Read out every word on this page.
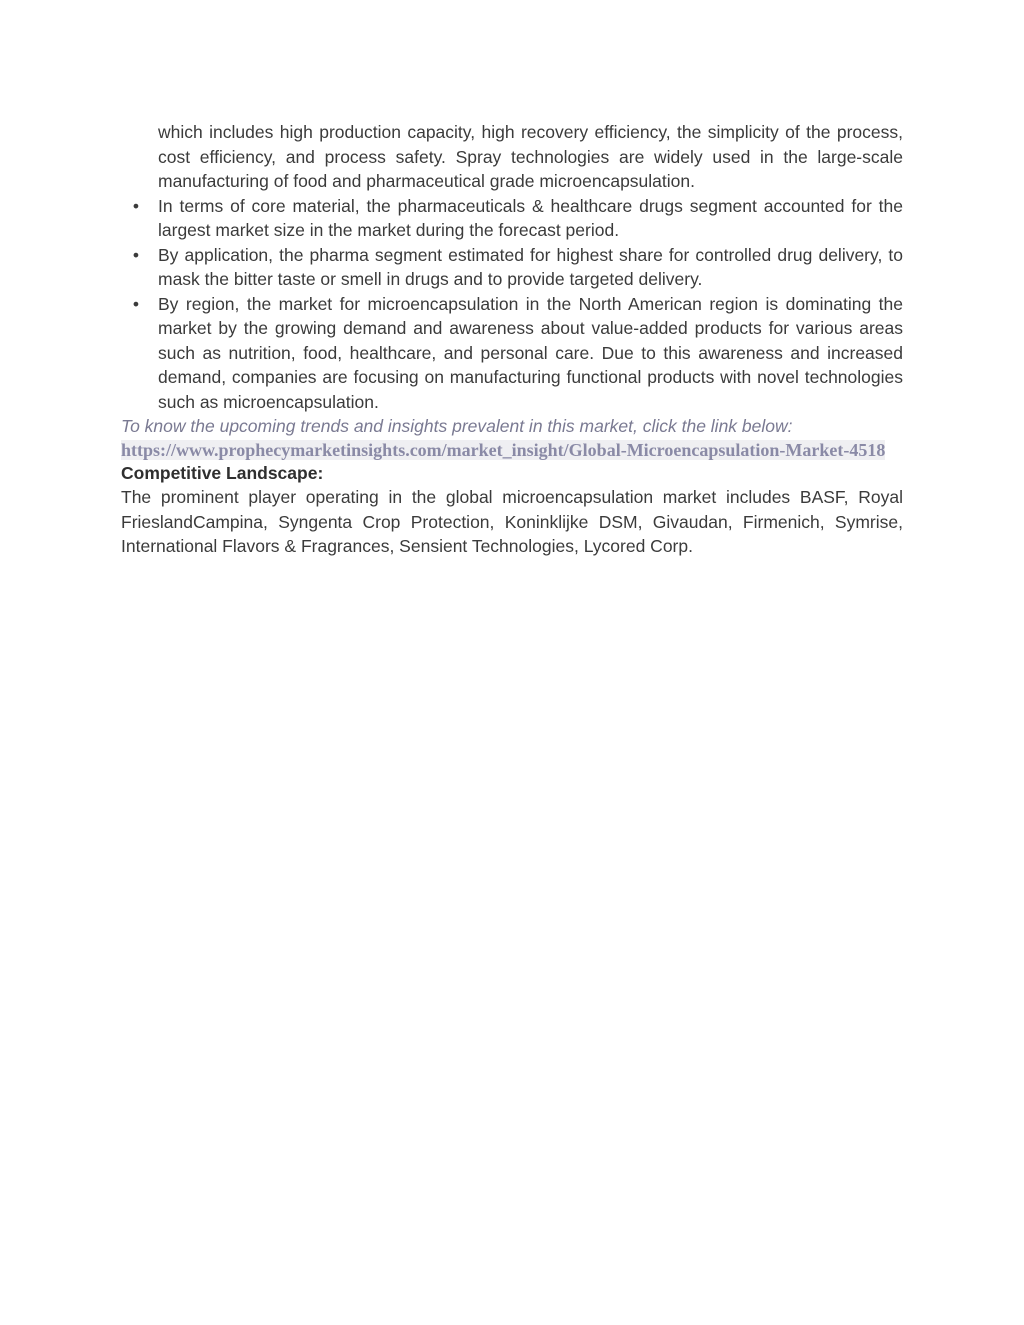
which includes high production capacity, high recovery efficiency, the simplicity of the process, cost efficiency, and process safety. Spray technologies are widely used in the large-scale manufacturing of food and pharmaceutical grade microencapsulation.

• In terms of core material, the pharmaceuticals & healthcare drugs segment accounted for the largest market size in the market during the forecast period.
• By application, the pharma segment estimated for highest share for controlled drug delivery, to mask the bitter taste or smell in drugs and to provide targeted delivery.
• By region, the market for microencapsulation in the North American region is dominating the market by the growing demand and awareness about value-added products for various areas such as nutrition, food, healthcare, and personal care. Due to this awareness and increased demand, companies are focusing on manufacturing functional products with novel technologies such as microencapsulation.

To know the upcoming trends and insights prevalent in this market, click the link below:

https://www.prophecymarketinsights.com/market_insight/Global-Microencapsulation-Market-4518

Competitive Landscape:

The prominent player operating in the global microencapsulation market includes BASF, Royal FrieslandCampina, Syngenta Crop Protection, Koninklijke DSM, Givaudan, Firmenich, Symrise, International Flavors & Fragrances, Sensient Technologies, Lycored Corp.
